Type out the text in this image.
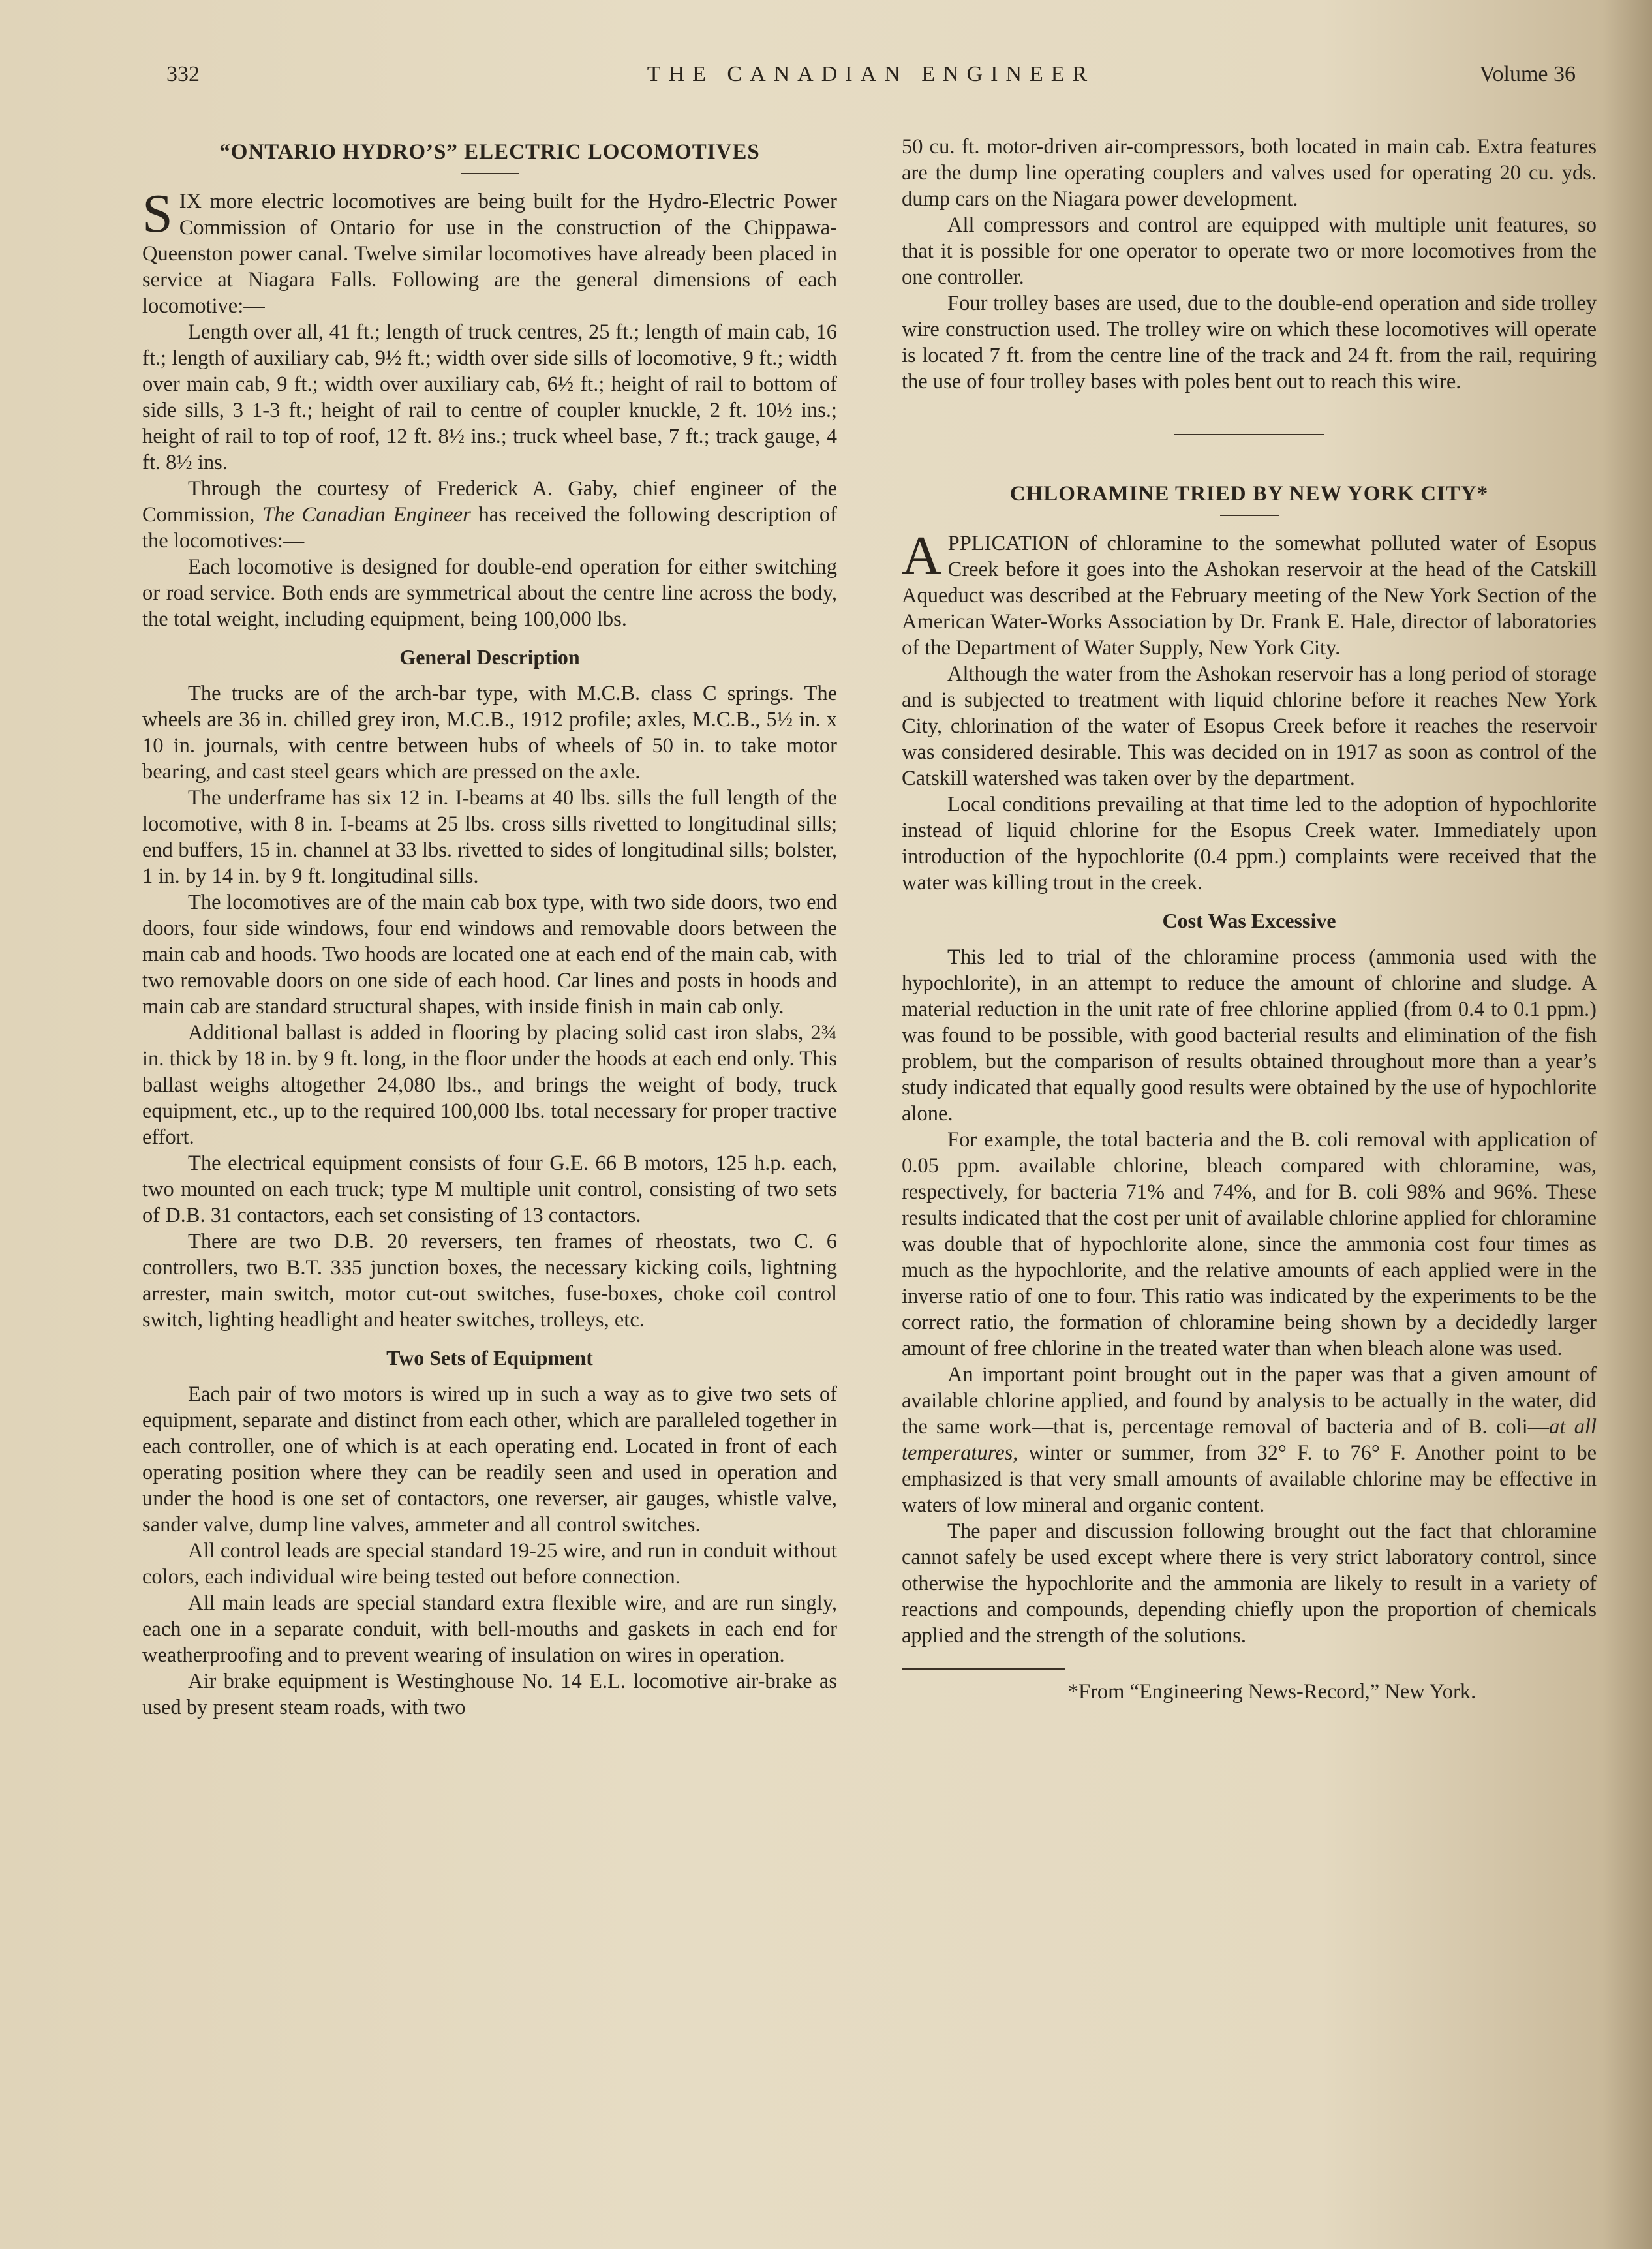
332	THE CANADIAN ENGINEER	Volume 36
“ONTARIO HYDRO’S” ELECTRIC LOCOMOTIVES

SIX more electric locomotives are being built for the Hydro-Electric Power Commission of Ontario for use in the construction of the Chippawa-Queenston power canal. Twelve similar locomotives have already been placed in service at Niagara Falls. Following are the general dimensions of each locomotive:—

Length over all, 41 ft.; length of truck centres, 25 ft.; length of main cab, 16 ft.; length of auxiliary cab, 9½ ft.; width over side sills of locomotive, 9 ft.; width over main cab, 9 ft.; width over auxiliary cab, 6½ ft.; height of rail to bottom of side sills, 3 1-3 ft.; height of rail to centre of coupler knuckle, 2 ft. 10½ ins.; height of rail to top of roof, 12 ft. 8½ ins.; truck wheel base, 7 ft.; track gauge, 4 ft. 8½ ins.

Through the courtesy of Frederick A. Gaby, chief engineer of the Commission, The Canadian Engineer has received the following description of the locomotives:—

Each locomotive is designed for double-end operation for either switching or road service. Both ends are symmetrical about the centre line across the body, the total weight, including equipment, being 100,000 lbs.

General Description

The trucks are of the arch-bar type, with M.C.B. class C springs. The wheels are 36 in. chilled grey iron, M.C.B., 1912 profile; axles, M.C.B., 5½ in. x 10 in. journals, with centre between hubs of wheels of 50 in. to take motor bearing, and cast steel gears which are pressed on the axle.

The underframe has six 12 in. I-beams at 40 lbs. sills the full length of the locomotive, with 8 in. I-beams at 25 lbs. cross sills rivetted to longitudinal sills; end buffers, 15 in. channel at 33 lbs. rivetted to sides of longitudinal sills; bolster, 1 in. by 14 in. by 9 ft. longitudinal sills.

The locomotives are of the main cab box type, with two side doors, two end doors, four side windows, four end windows and removable doors between the main cab and hoods. Two hoods are located one at each end of the main cab, with two removable doors on one side of each hood. Car lines and posts in hoods and main cab are standard structural shapes, with inside finish in main cab only.

Additional ballast is added in flooring by placing solid cast iron slabs, 2¾ in. thick by 18 in. by 9 ft. long, in the floor under the hoods at each end only. This ballast weighs altogether 24,080 lbs., and brings the weight of body, truck equipment, etc., up to the required 100,000 lbs. total necessary for proper tractive effort.

The electrical equipment consists of four G.E. 66 B motors, 125 h.p. each, two mounted on each truck; type M multiple unit control, consisting of two sets of D.B. 31 contactors, each set consisting of 13 contactors.

There are two D.B. 20 reversers, ten frames of rheostats, two C. 6 controllers, two B.T. 335 junction boxes, the necessary kicking coils, lightning arrester, main switch, motor cut-out switches, fuse-boxes, choke coil control switch, lighting headlight and heater switches, trolleys, etc.

Two Sets of Equipment

Each pair of two motors is wired up in such a way as to give two sets of equipment, separate and distinct from each other, which are paralleled together in each controller, one of which is at each operating end. Located in front of each operating position where they can be readily seen and used in operation and under the hood is one set of contactors, one reverser, air gauges, whistle valve, sander valve, dump line valves, ammeter and all control switches.

All control leads are special standard 19-25 wire, and run in conduit without colors, each individual wire being tested out before connection.

All main leads are special standard extra flexible wire, and are run singly, each one in a separate conduit, with bell-mouths and gaskets in each end for weatherproofing and to prevent wearing of insulation on wires in operation.

Air brake equipment is Westinghouse No. 14 E.L. locomotive air-brake as used by present steam roads, with two

50 cu. ft. motor-driven air-compressors, both located in main cab. Extra features are the dump line operating couplers and valves used for operating 20 cu. yds. dump cars on the Niagara power development.

All compressors and control are equipped with multiple unit features, so that it is possible for one operator to operate two or more locomotives from the one controller.

Four trolley bases are used, due to the double-end operation and side trolley wire construction used. The trolley wire on which these locomotives will operate is located 7 ft. from the centre line of the track and 24 ft. from the rail, requiring the use of four trolley bases with poles bent out to reach this wire.

CHLORAMINE TRIED BY NEW YORK CITY*

APPLICATION of chloramine to the somewhat polluted water of Esopus Creek before it goes into the Ashokan reservoir at the head of the Catskill Aqueduct was described at the February meeting of the New York Section of the American Water-Works Association by Dr. Frank E. Hale, director of laboratories of the Department of Water Supply, New York City.

Although the water from the Ashokan reservoir has a long period of storage and is subjected to treatment with liquid chlorine before it reaches New York City, chlorination of the water of Esopus Creek before it reaches the reservoir was considered desirable. This was decided on in 1917 as soon as control of the Catskill watershed was taken over by the department.

Local conditions prevailing at that time led to the adoption of hypochlorite instead of liquid chlorine for the Esopus Creek water. Immediately upon introduction of the hypochlorite (0.4 ppm.) complaints were received that the water was killing trout in the creek.

Cost Was Excessive

This led to trial of the chloramine process (ammonia used with the hypochlorite), in an attempt to reduce the amount of chlorine and sludge. A material reduction in the unit rate of free chlorine applied (from 0.4 to 0.1 ppm.) was found to be possible, with good bacterial results and elimination of the fish problem, but the comparison of results obtained throughout more than a year’s study indicated that equally good results were obtained by the use of hypochlorite alone.

For example, the total bacteria and the B. coli removal with application of 0.05 ppm. available chlorine, bleach compared with chloramine, was, respectively, for bacteria 71% and 74%, and for B. coli 98% and 96%. These results indicated that the cost per unit of available chlorine applied for chloramine was double that of hypochlorite alone, since the ammonia cost four times as much as the hypochlorite, and the relative amounts of each applied were in the inverse ratio of one to four. This ratio was indicated by the experiments to be the correct ratio, the formation of chloramine being shown by a decidedly larger amount of free chlorine in the treated water than when bleach alone was used.

An important point brought out in the paper was that a given amount of available chlorine applied, and found by analysis to be actually in the water, did the same work—that is, percentage removal of bacteria and of B. coli—at all temperatures, winter or summer, from 32° F. to 76° F. Another point to be emphasized is that very small amounts of available chlorine may be effective in waters of low mineral and organic content.

The paper and discussion following brought out the fact that chloramine cannot safely be used except where there is very strict laboratory control, since otherwise the hypochlorite and the ammonia are likely to result in a variety of reactions and compounds, depending chiefly upon the proportion of chemicals applied and the strength of the solutions.

*From “Engineering News-Record,” New York.
